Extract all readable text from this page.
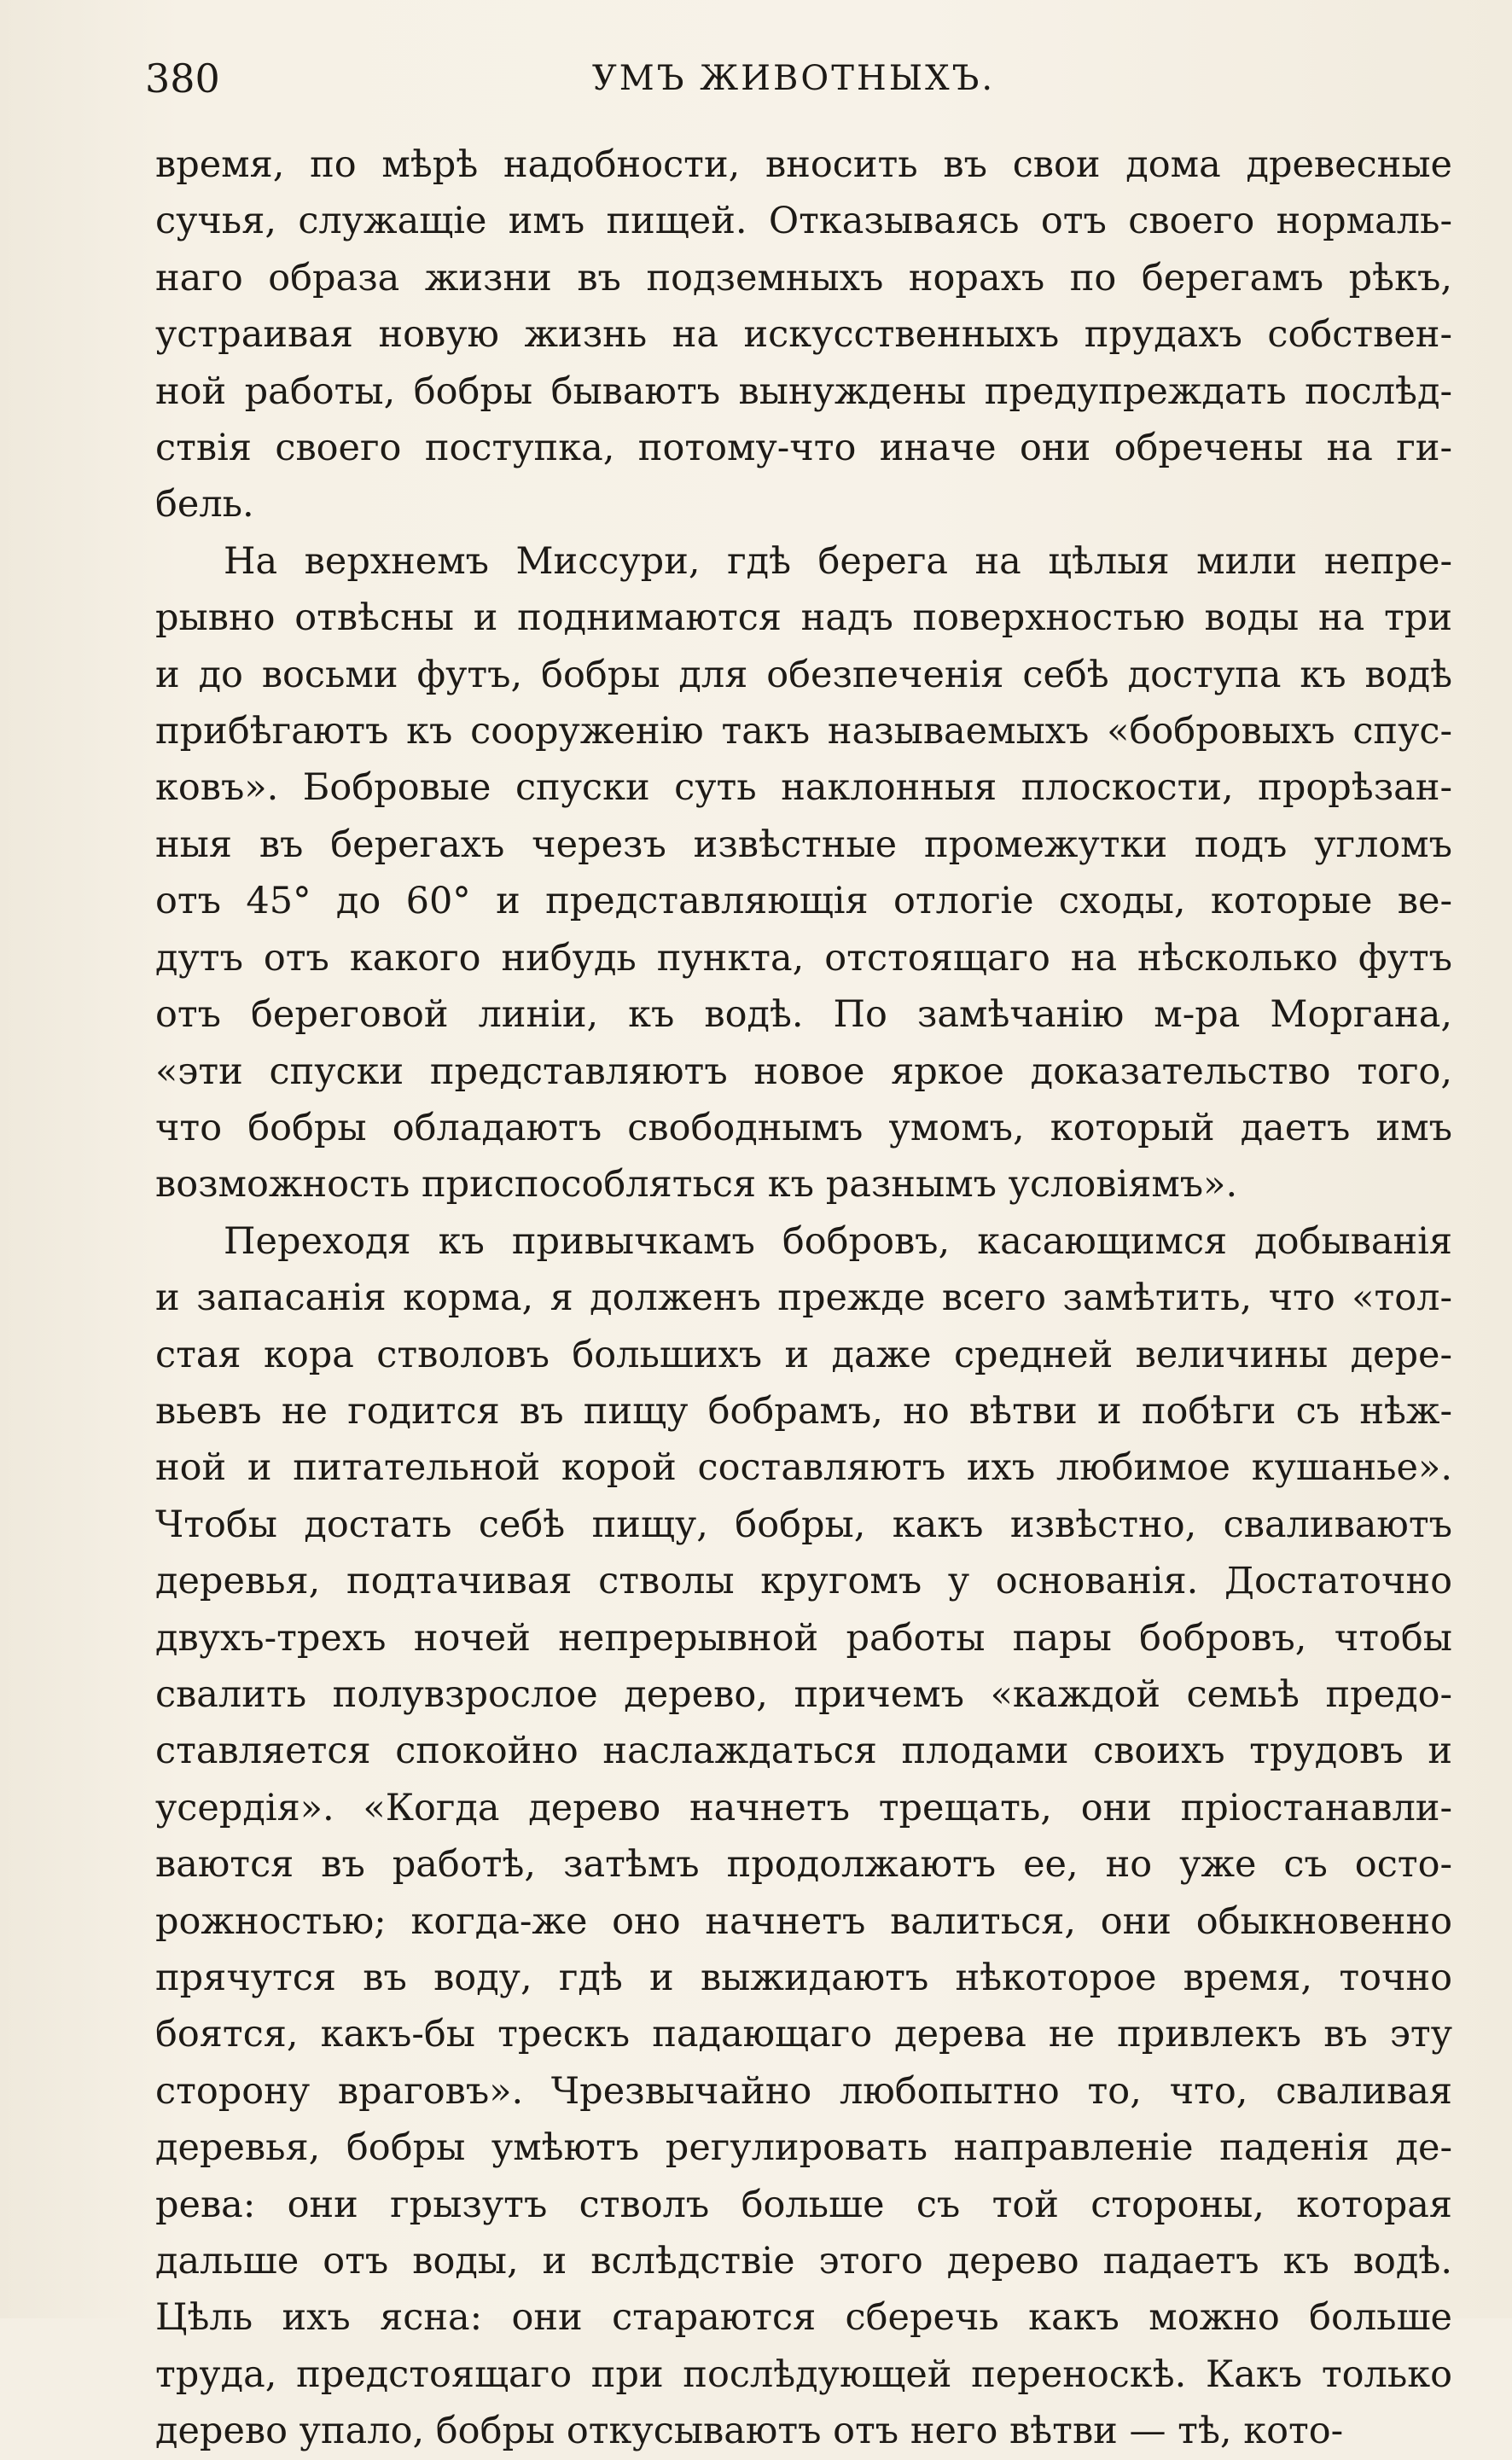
380	УМЪ ЖИВОТНЫХЪ.

время, по мѣрѣ надобности, вносить въ свои дома древесные
сучья, служащіе имъ пищей. Отказываясь отъ своего нормаль-
наго образа жизни въ подземныхъ норахъ по берегамъ рѣкъ,
устраивая новую жизнь на искусственныхъ прудахъ собствен-
ной работы, бобры бываютъ вынуждены предупреждать послѣд-
ствія своего поступка, потому-что иначе они обречены на ги-
бель.

На верхнемъ Миссури, гдѣ берега на цѣлыя мили непре-
рывно отвѣсны и поднимаются надъ поверхностью воды на три
и до восьми футъ, бобры для обезпеченія себѣ доступа къ водѣ
прибѣгаютъ къ сооруженію такъ называемыхъ «бобровыхъ спус-
ковъ». Бобровые спуски суть наклонныя плоскости, прорѣзан-
ныя въ берегахъ черезъ извѣстные промежутки подъ угломъ
отъ 45° до 60° и представляющія отлогіе сходы, которые ве-
дутъ отъ какого нибудь пункта, отстоящаго на нѣсколько футъ
отъ береговой линіи, къ водѣ. По замѣчанію м-ра Моргана,
«эти спуски представляютъ новое яркое доказательство того,
что бобры обладаютъ свободнымъ умомъ, который даетъ имъ
возможность приспособляться къ разнымъ условіямъ».

Переходя къ привычкамъ бобровъ, касающимся добыванія
и запасанія корма, я долженъ прежде всего замѣтить, что «тол-
стая кора стволовъ большихъ и даже средней величины дере-
вьевъ не годится въ пищу бобрамъ, но вѣтви и побѣги съ нѣж-
ной и питательной корой составляютъ ихъ любимое кушанье».
Чтобы достать себѣ пищу, бобры, какъ извѣстно, сваливаютъ
деревья, подтачивая стволы кругомъ у основанія. Достаточно
двухъ-трехъ ночей непрерывной работы пары бобровъ, чтобы
свалить полувзрослое дерево, причемъ «каждой семьѣ предо-
ставляется спокойно наслаждаться плодами своихъ трудовъ и
усердія». «Когда дерево начнетъ трещать, они пріостанавли-
ваются въ работѣ, затѣмъ продолжаютъ ее, но уже съ осто-
рожностью; когда-же оно начнетъ валиться, они обыкновенно
прячутся въ воду, гдѣ и выжидаютъ нѣкоторое время, точно
боятся, какъ-бы трескъ падающаго дерева не привлекъ въ эту
сторону враговъ». Чрезвычайно любопытно то, что, сваливая
деревья, бобры умѣютъ регулировать направленіе паденія де-
рева: они грызутъ стволъ больше съ той стороны, которая
дальше отъ воды, и вслѣдствіе этого дерево падаетъ къ водѣ.
Цѣль ихъ ясна: они стараются сберечь какъ можно больше
труда, предстоящаго при послѣдующей переноскѣ. Какъ только
дерево упало, бобры откусываютъ отъ него вѣтви — тѣ, кото-
